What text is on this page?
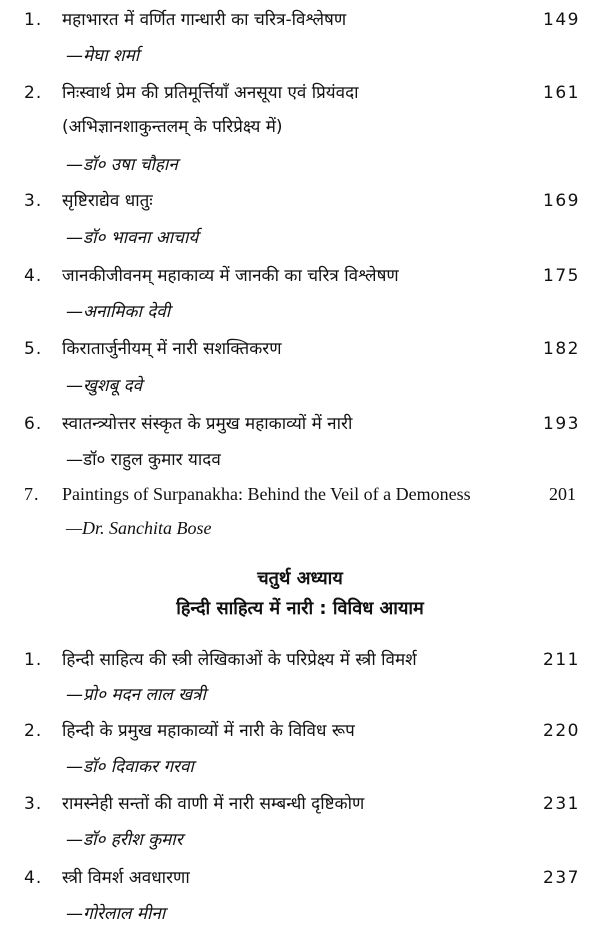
1. महाभारत में वर्णित गान्धारी का चरित्र-विश्लेषण	149
—मेघा शर्मा
2. निःस्वार्थ प्रेम की प्रतिमूर्त्तियाँ अनसूया एवं प्रियंवदा	161
(अभिज्ञानशाकुन्तलम् के परिप्रेक्ष्य में)
—डॉ० उषा चौहान
3. सृष्टिराद्येव धातुः	169
—डॉ० भावना आचार्य
4. जानकीजीवनम् महाकाव्य में जानकी का चरित्र विश्लेषण	175
—अनामिका देवी
5. किरातार्जुनीयम् में नारी सशक्तिकरण	182
—खुशबू दवे
6. स्वातन्त्र्योत्तर संस्कृत के प्रमुख महाकाव्यों में नारी	193
—डॉ० राहुल कुमार यादव
7. Paintings of Surpanakha: Behind the Veil of a Demoness	201
—Dr. Sanchita Bose
चतुर्थ अध्याय
हिन्दी साहित्य में नारी : विविध आयाम
1. हिन्दी साहित्य की स्त्री लेखिकाओं के परिप्रेक्ष्य में स्त्री विमर्श	211
—प्रो० मदन लाल खत्री
2. हिन्दी के प्रमुख महाकाव्यों में नारी के विविध रूप	220
—डॉ० दिवाकर गरवा
3. रामस्नेही सन्तों की वाणी में नारी सम्बन्धी दृष्टिकोण	231
—डॉ० हरीश कुमार
4. स्त्री विमर्श अवधारणा	237
—गोरेलाल मीना
